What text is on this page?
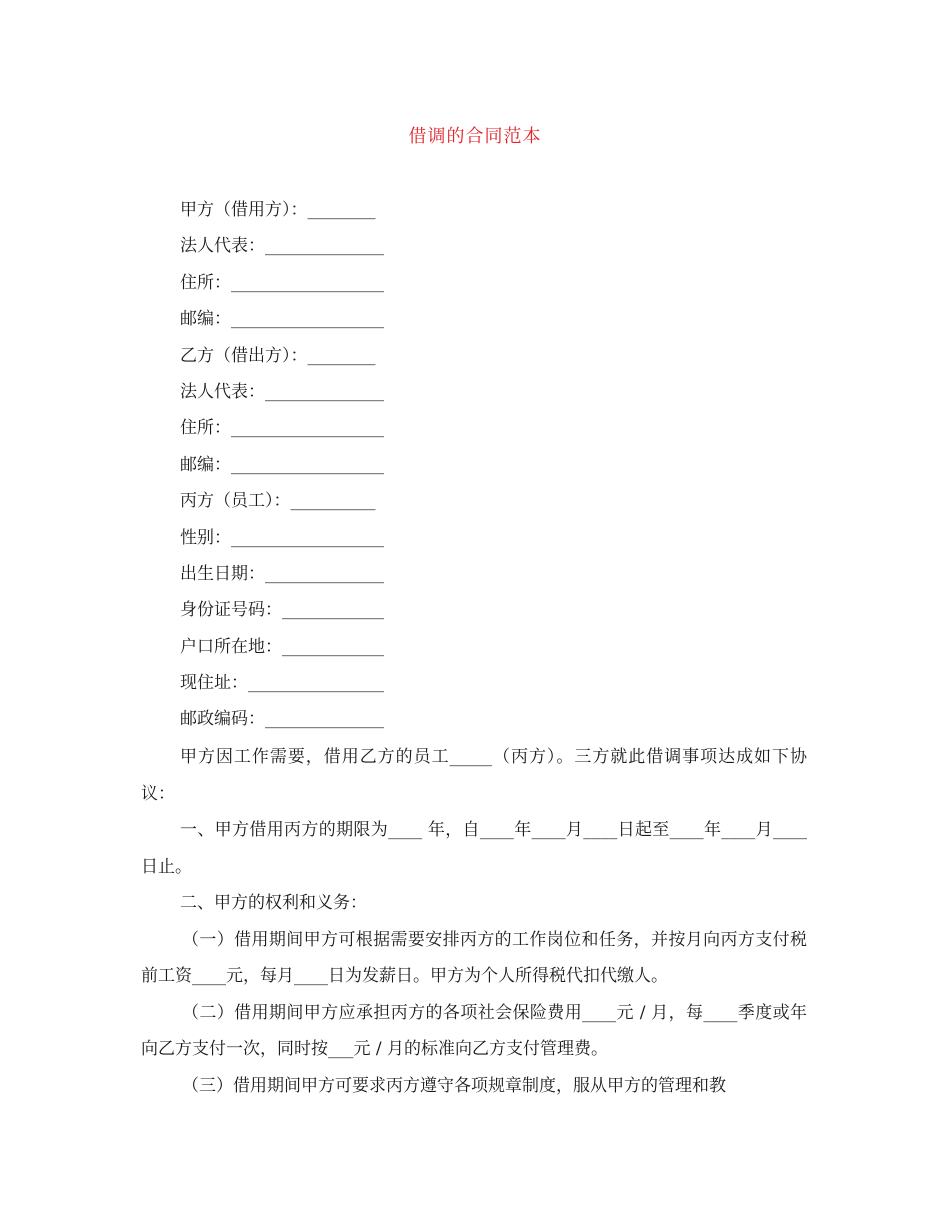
借调的合同范本
甲方（借用方）：________
法人代表：______________
住所：__________________
邮编：__________________
乙方（借出方）：________
法人代表：______________
住所：__________________
邮编：__________________
丙方（员工）：__________
性别：__________________
出生日期：______________
身份证号码：____________
户口所在地：____________
现住址：________________
邮政编码：______________

甲方因工作需要，借用乙方的员工_____（丙方）。三方就此借调事项达成如下协议：

一、甲方借用丙方的期限为____ 年，自____年____月____日起至____年____月____日止。

二、甲方的权利和义务：

（一）借用期间甲方可根据需要安排丙方的工作岗位和任务，并按月向丙方支付税前工资____元，每月____日为发薪日。甲方为个人所得税代扣代缴人。

（二）借用期间甲方应承担丙方的各项社会保险费用____元 / 月，每____季度或年向乙方支付一次，同时按___元 / 月的标准向乙方支付管理费。

（三）借用期间甲方可要求丙方遵守各项规章制度，服从甲方的管理和教
